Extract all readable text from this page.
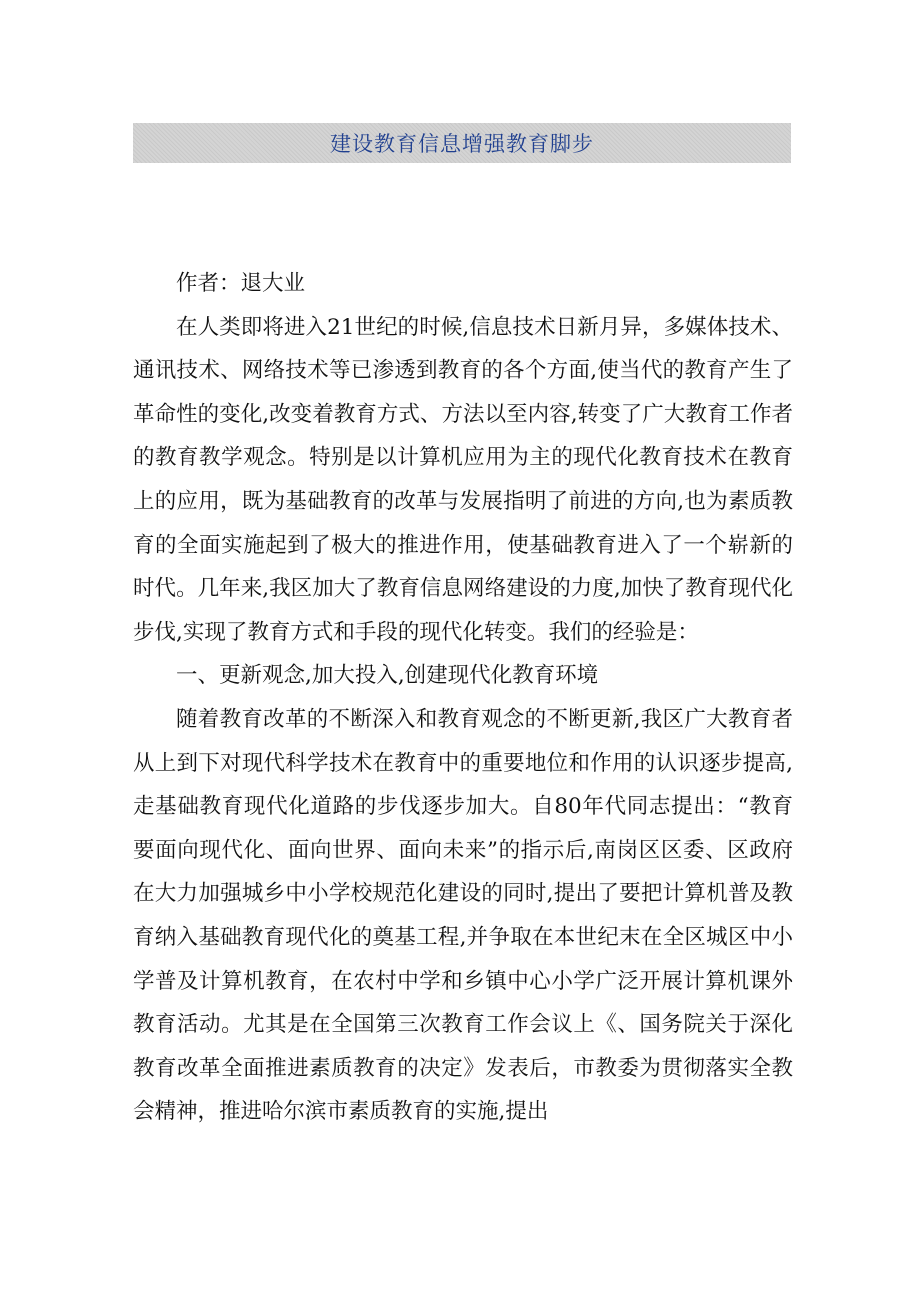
建设教育信息增强教育脚步

作者：退大业

在人类即将进入21世纪的时候,信息技术日新月异，多媒体技术、通讯技术、网络技术等已渗透到教育的各个方面,使当代的教育产生了革命性的变化,改变着教育方式、方法以至内容,转变了广大教育工作者的教育教学观念。特别是以计算机应用为主的现代化教育技术在教育上的应用，既为基础教育的改革与发展指明了前进的方向,也为素质教育的全面实施起到了极大的推进作用，使基础教育进入了一个崭新的时代。几年来,我区加大了教育信息网络建设的力度,加快了教育现代化步伐,实现了教育方式和手段的现代化转变。我们的经验是：

一、更新观念,加大投入,创建现代化教育环境

随着教育改革的不断深入和教育观念的不断更新,我区广大教育者从上到下对现代科学技术在教育中的重要地位和作用的认识逐步提高,走基础教育现代化道路的步伐逐步加大。自80年代同志提出：“教育要面向现代化、面向世界、面向未来”的指示后,南岗区区委、区政府在大力加强城乡中小学校规范化建设的同时,提出了要把计算机普及教育纳入基础教育现代化的奠基工程,并争取在本世纪末在全区城区中小学普及计算机教育，在农村中学和乡镇中心小学广泛开展计算机课外教育活动。尤其是在全国第三次教育工作会议上《、国务院关于深化教育改革全面推进素质教育的决定》发表后，市教委为贯彻落实全教会精神，推进哈尔滨市素质教育的实施,提出
